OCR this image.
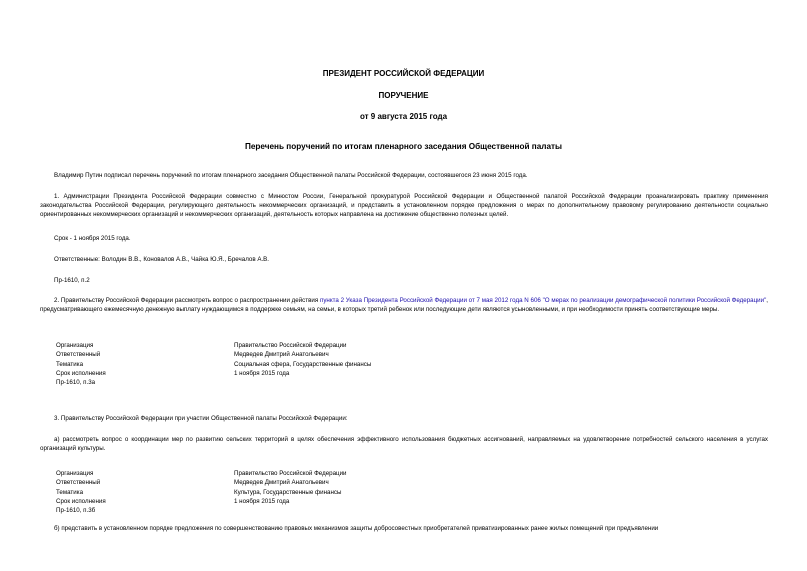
ПРЕЗИДЕНТ РОССИЙСКОЙ ФЕДЕРАЦИИ
ПОРУЧЕНИЕ
от 9 августа 2015 года
Перечень поручений по итогам пленарного заседания Общественной палаты
Владимир Путин подписал перечень поручений по итогам пленарного заседания Общественной палаты Российской Федерации, состоявшегося 23 июня 2015 года.
1. Администрации Президента Российской Федерации совместно с Минюстом России, Генеральной прокуратурой Российской Федерации и Общественной палатой Российской Федерации проанализировать практику применения законодательства Российской Федерации, регулирующего деятельность некоммерческих организаций, и представить в установленном порядке предложения о мерах по дополнительному правовому регулированию деятельности социально ориентированных некоммерческих организаций и некоммерческих организаций, деятельность которых направлена на достижение общественно полезных целей.
Срок - 1 ноября 2015 года.
Ответственные: Володин В.В., Коновалов А.В., Чайка Ю.Я., Бречалов А.В.
Пр-1610, п.2
2. Правительству Российской Федерации рассмотреть вопрос о распространении действия пункта 2 Указа Президента Российской Федерации от 7 мая 2012 года N 606 "О мерах по реализации демографической политики Российской Федерации", предусматривающего ежемесячную денежную выплату нуждающимся в поддержке семьям, на семьи, в которых третий ребенок или последующие дети являются усыновленными, и при необходимости принять соответствующие меры.
Организация	Правительство Российской Федерации
Ответственный	Медведев Дмитрий Анатольевич
Тематика	Социальная сфера, Государственные финансы
Срок исполнения	1 ноября 2015 года
Пр-1610, п.3а
3. Правительству Российской Федерации при участии Общественной палаты Российской Федерации:
а) рассмотреть вопрос о координации мер по развитию сельских территорий в целях обеспечения эффективного использования бюджетных ассигнований, направляемых на удовлетворение потребностей сельского населения в услугах организаций культуры.
Организация	Правительство Российской Федерации
Ответственный	Медведев Дмитрий Анатольевич
Тематика	Культура, Государственные финансы
Срок исполнения	1 ноября 2015 года
Пр-1610, п.3б
б) представить в установленном порядке предложения по совершенствованию правовых механизмов защиты добросовестных приобретателей приватизированных ранее жилых помещений при предъявлении
